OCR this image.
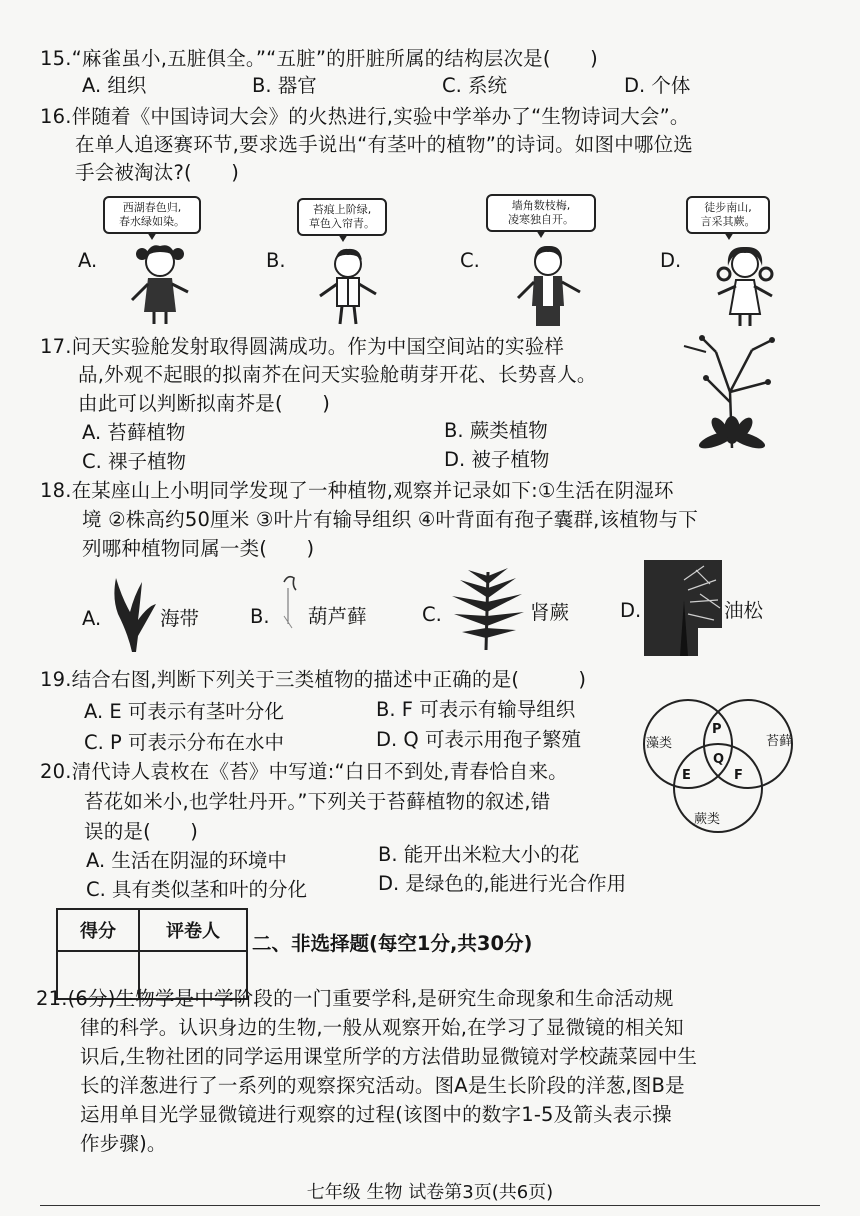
15.“麻雀虽小,五脏俱全。”“五脏”的肝脏所属的结构层次是(　　)
A. 组织	B. 器官	C. 系统	D. 个体
16.伴随着《中国诗词大会》的火热进行,实验中学举办了“生物诗词大会”。
在单人追逐赛环节,要求选手说出“有茎叶的植物”的诗词。如图中哪位选
手会被淘汰?(　　)
A.
西湖春色归,
春水绿如染。
B.
苔痕上阶绿,
草色入帘青。
C.
墙角数枝梅,
凌寒独自开。
D.
徒步南山,
言采其蕨。
17.问天实验舱发射取得圆满成功。作为中国空间站的实验样
品,外观不起眼的拟南芥在问天实验舱萌芽开花、长势喜人。
由此可以判断拟南芥是(　　)
A. 苔藓植物	B. 蕨类植物
C. 裸子植物	D. 被子植物
18.在某座山上小明同学发现了一种植物,观察并记录如下:①生活在阴湿环
境 ②株高约50厘米 ③叶片有输导组织 ④叶背面有孢子囊群,该植物与下
列哪种植物同属一类(　　)
A.	海带	B. 葫芦藓	C.	肾蕨	D.	油松
19.结合右图,判断下列关于三类植物的描述中正确的是(　　　)
A. E 可表示有茎叶分化	B. F 可表示有输导组织
C. P 可表示分布在水中	D. Q 可表示用孢子繁殖	藻类	苔藓
蕨类
P
Q
E	F
20.清代诗人袁枚在《苔》中写道:“白日不到处,青春恰自来。
苔花如米小,也学牡丹开。”下列关于苔藓植物的叙述,错
误的是(　　)
A. 生活在阴湿的环境中	B. 能开出米粒大小的花
C. 具有类似茎和叶的分化	D. 是绿色的,能进行光合作用
得分	评卷人

二、非选择题(每空1分,共30分)
21.(6分)生物学是中学阶段的一门重要学科,是研究生命现象和生命活动规
律的科学。认识身边的生物,一般从观察开始,在学习了显微镜的相关知
识后,生物社团的同学运用课堂所学的方法借助显微镜对学校蔬菜园中生
长的洋葱进行了一系列的观察探究活动。图A是生长阶段的洋葱,图B是
运用单目光学显微镜进行观察的过程(该图中的数字1-5及箭头表示操
作步骤)。
七年级 生物 试卷第3页(共6页)
